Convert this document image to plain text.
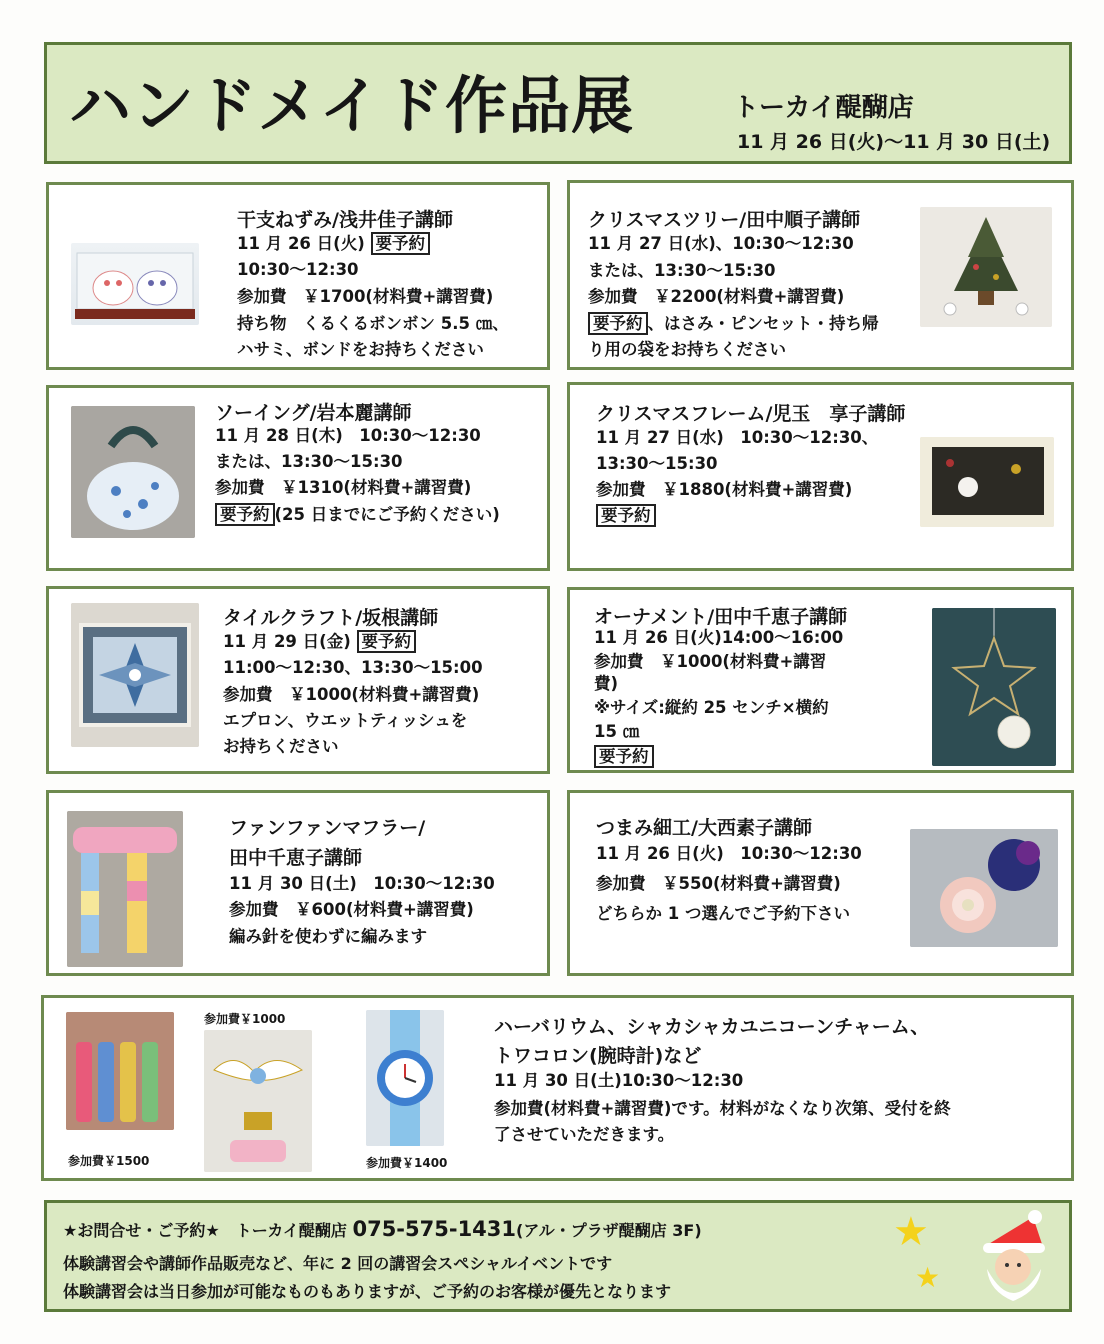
ハンドメイド作品展	トーカイ醍醐店
11 月 26 日(火)～11 月 30 日(土)
干支ねずみ/浅井佳子講師
11 月 26 日(火) 要予約
10:30～12:30
参加費　￥1700(材料費+講習費)
持ち物　くるくるボンボン 5.5 ㎝、
ハサミ、ボンドをお持ちください
クリスマスツリー/田中順子講師
11 月 27 日(水)、10:30～12:30
または、13:30～15:30
参加費　￥2200(材料費+講習費)
要予約 、はさみ・ピンセット・持ち帰
り用の袋をお持ちください
ソーイング/岩本麗講師
11 月 28 日(木)　10:30～12:30
または、13:30～15:30
参加費　￥1310(材料費+講習費)
要予約 (25 日までにご予約ください)
クリスマスフレーム/児玉　享子講師
11 月 27 日(水)　10:30～12:30、
13:30～15:30
参加費　￥1880(材料費+講習費)
要予約
タイルクラフト/坂根講師
11 月 29 日(金) 要予約
11:00～12:30、13:30～15:00
参加費　￥1000(材料費+講習費)
エプロン、ウエットティッシュを
お持ちください
オーナメント/田中千恵子講師
11 月 26 日(火)14:00～16:00
参加費　￥1000(材料費+講習
費)
※サイズ:縦約 25 センチ×横約
15 ㎝
要予約
ファンファンマフラー/
田中千恵子講師
11 月 30 日(土)　10:30～12:30
参加費　￥600(材料費+講習費)
編み針を使わずに編みます
つまみ細工/大西素子講師
11 月 26 日(火)　10:30～12:30
参加費　￥550(材料費+講習費)
どちらか 1 つ選んでご予約下さい
参加費￥1500
参加費￥1000
参加費￥1400
ハーバリウム、シャカシャカユニコーンチャーム、
トワコロン(腕時計)など
11 月 30 日(土)10:30～12:30
参加費(材料費+講習費)です。材料がなくなり次第、受付を終
了させていただきます。
★お問合せ・ご予約★　トーカイ醍醐店 075-575-1431(アル・プラザ醍醐店 3F)
体験講習会や講師作品販売など、年に 2 回の講習会スペシャルイベントです
体験講習会は当日参加が可能なものもありますが、ご予約のお客様が優先となります
★
★
